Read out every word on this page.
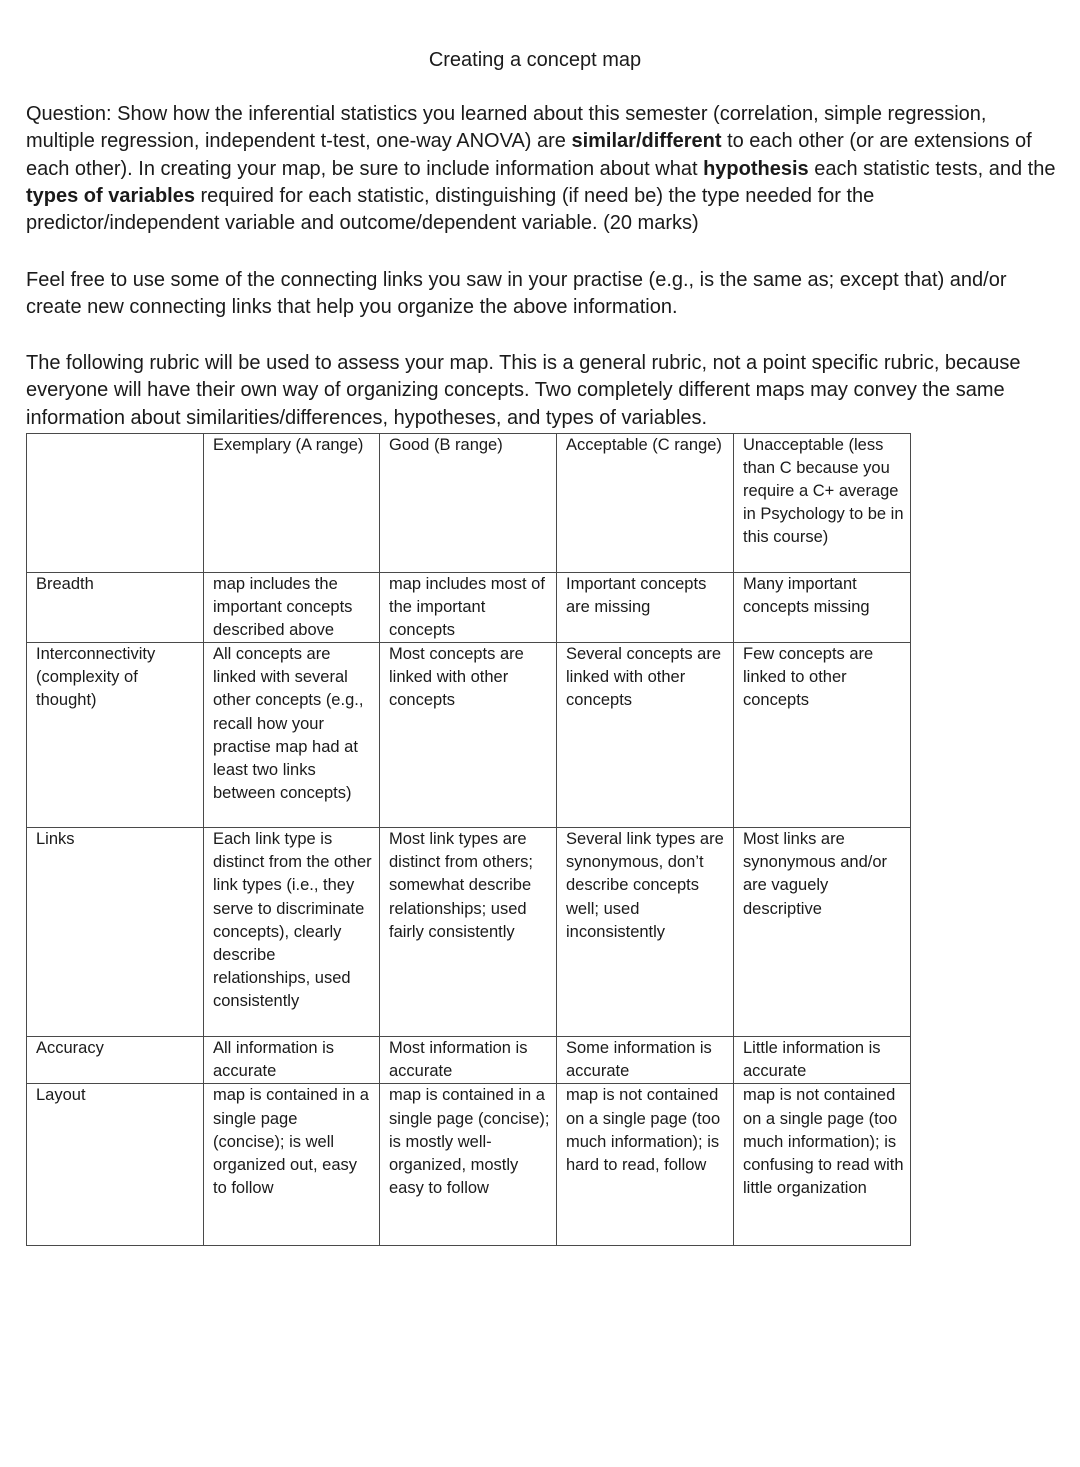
Creating a concept map

Question: Show how the inferential statistics you learned about this semester (correlation, simple regression, multiple regression, independent t-test, one-way ANOVA) are similar/different to each other (or are extensions of each other). In creating your map, be sure to include information about what hypothesis each statistic tests, and the types of variables required for each statistic, distinguishing (if need be) the type needed for the predictor/independent variable and outcome/dependent variable. (20 marks)

Feel free to use some of the connecting links you saw in your practise (e.g., is the same as; except that) and/or create new connecting links that help you organize the above information.

The following rubric will be used to assess your map. This is a general rubric, not a point specific rubric, because everyone will have their own way of organizing concepts. Two completely different maps may convey the same information about similarities/differences, hypotheses, and types of variables.

	Exemplary (A range)	Good (B range)	Acceptable (C range)	Unacceptable (less than C because you require a C+ average in Psychology to be in this course)
Breadth	map includes the important concepts described above	map includes most of the important concepts	Important concepts are missing	Many important concepts missing
Interconnectivity (complexity of thought)	All concepts are linked with several other concepts (e.g., recall how your practise map had at least two links between concepts)	Most concepts are linked with other concepts	Several concepts are linked with other concepts	Few concepts are linked to other concepts
Links	Each link type is distinct from the other link types (i.e., they serve to discriminate concepts), clearly describe relationships, used consistently	Most link types are distinct from others; somewhat describe relationships; used fairly consistently	Several link types are synonymous, don’t describe concepts well; used inconsistently	Most links are synonymous and/or are vaguely descriptive
Accuracy	All information is accurate	Most information is accurate	Some information is accurate	Little information is accurate
Layout	map is contained in a single page (concise); is well organized out, easy to follow	map is contained in a single page (concise); is mostly well-organized, mostly easy to follow	map is not contained on a single page (too much information); is hard to read, follow	map is not contained on a single page (too much information); is confusing to read with little organization
